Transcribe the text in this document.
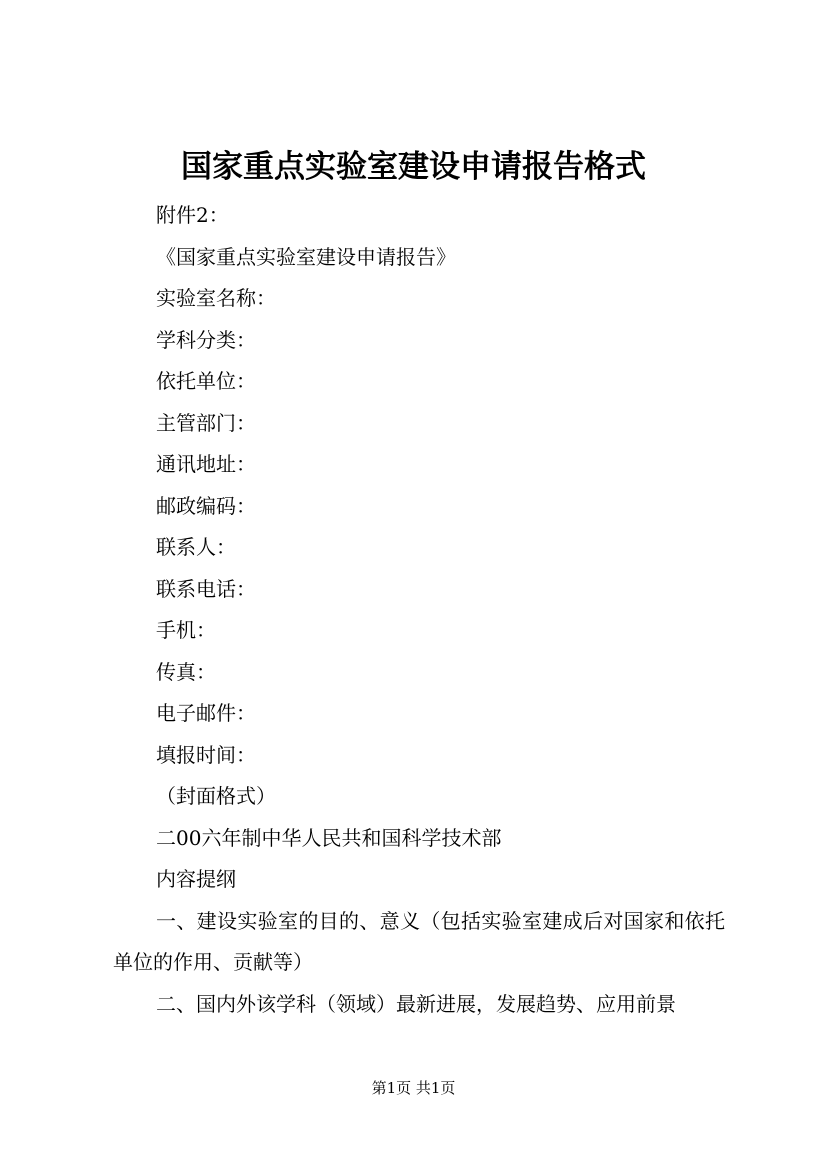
国家重点实验室建设申请报告格式
附件2：
《国家重点实验室建设申请报告》
实验室名称：
学科分类：
依托单位：
主管部门：
通讯地址：
邮政编码：
联系人：
联系电话：
手机：
传真：
电子邮件：
填报时间：
（封面格式）
二00六年制中华人民共和国科学技术部
内容提纲
一、建设实验室的目的、意义（包括实验室建成后对国家和依托单位的作用、贡献等）
二、国内外该学科（领域）最新进展，发展趋势、应用前景
第1页 共1页
